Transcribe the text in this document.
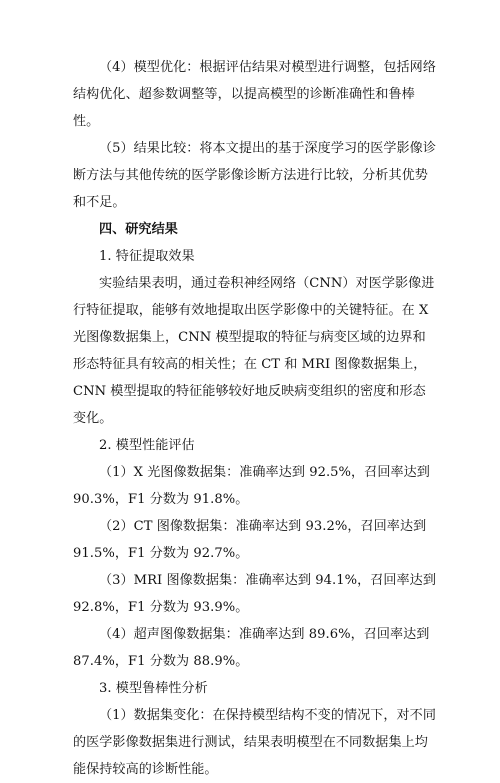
（4）模型优化：根据评估结果对模型进行调整，包括网络结构优化、超参数调整等，以提高模型的诊断准确性和鲁棒性。

（5）结果比较：将本文提出的基于深度学习的医学影像诊断方法与其他传统的医学影像诊断方法进行比较，分析其优势和不足。

四、研究结果

1. 特征提取效果

实验结果表明，通过卷积神经网络（CNN）对医学影像进行特征提取，能够有效地提取出医学影像中的关键特征。在 X 光图像数据集上，CNN 模型提取的特征与病变区域的边界和形态特征具有较高的相关性；在 CT 和 MRI 图像数据集上，CNN 模型提取的特征能够较好地反映病变组织的密度和形态变化。

2. 模型性能评估

（1）X 光图像数据集：准确率达到 92.5%，召回率达到 90.3%，F1 分数为 91.8%。

（2）CT 图像数据集：准确率达到 93.2%，召回率达到 91.5%，F1 分数为 92.7%。

（3）MRI 图像数据集：准确率达到 94.1%，召回率达到 92.8%，F1 分数为 93.9%。

（4）超声图像数据集：准确率达到 89.6%，召回率达到 87.4%，F1 分数为 88.9%。

3. 模型鲁棒性分析

（1）数据集变化：在保持模型结构不变的情况下，对不同的医学影像数据集进行测试，结果表明模型在不同数据集上均能保持较高的诊断性能。
